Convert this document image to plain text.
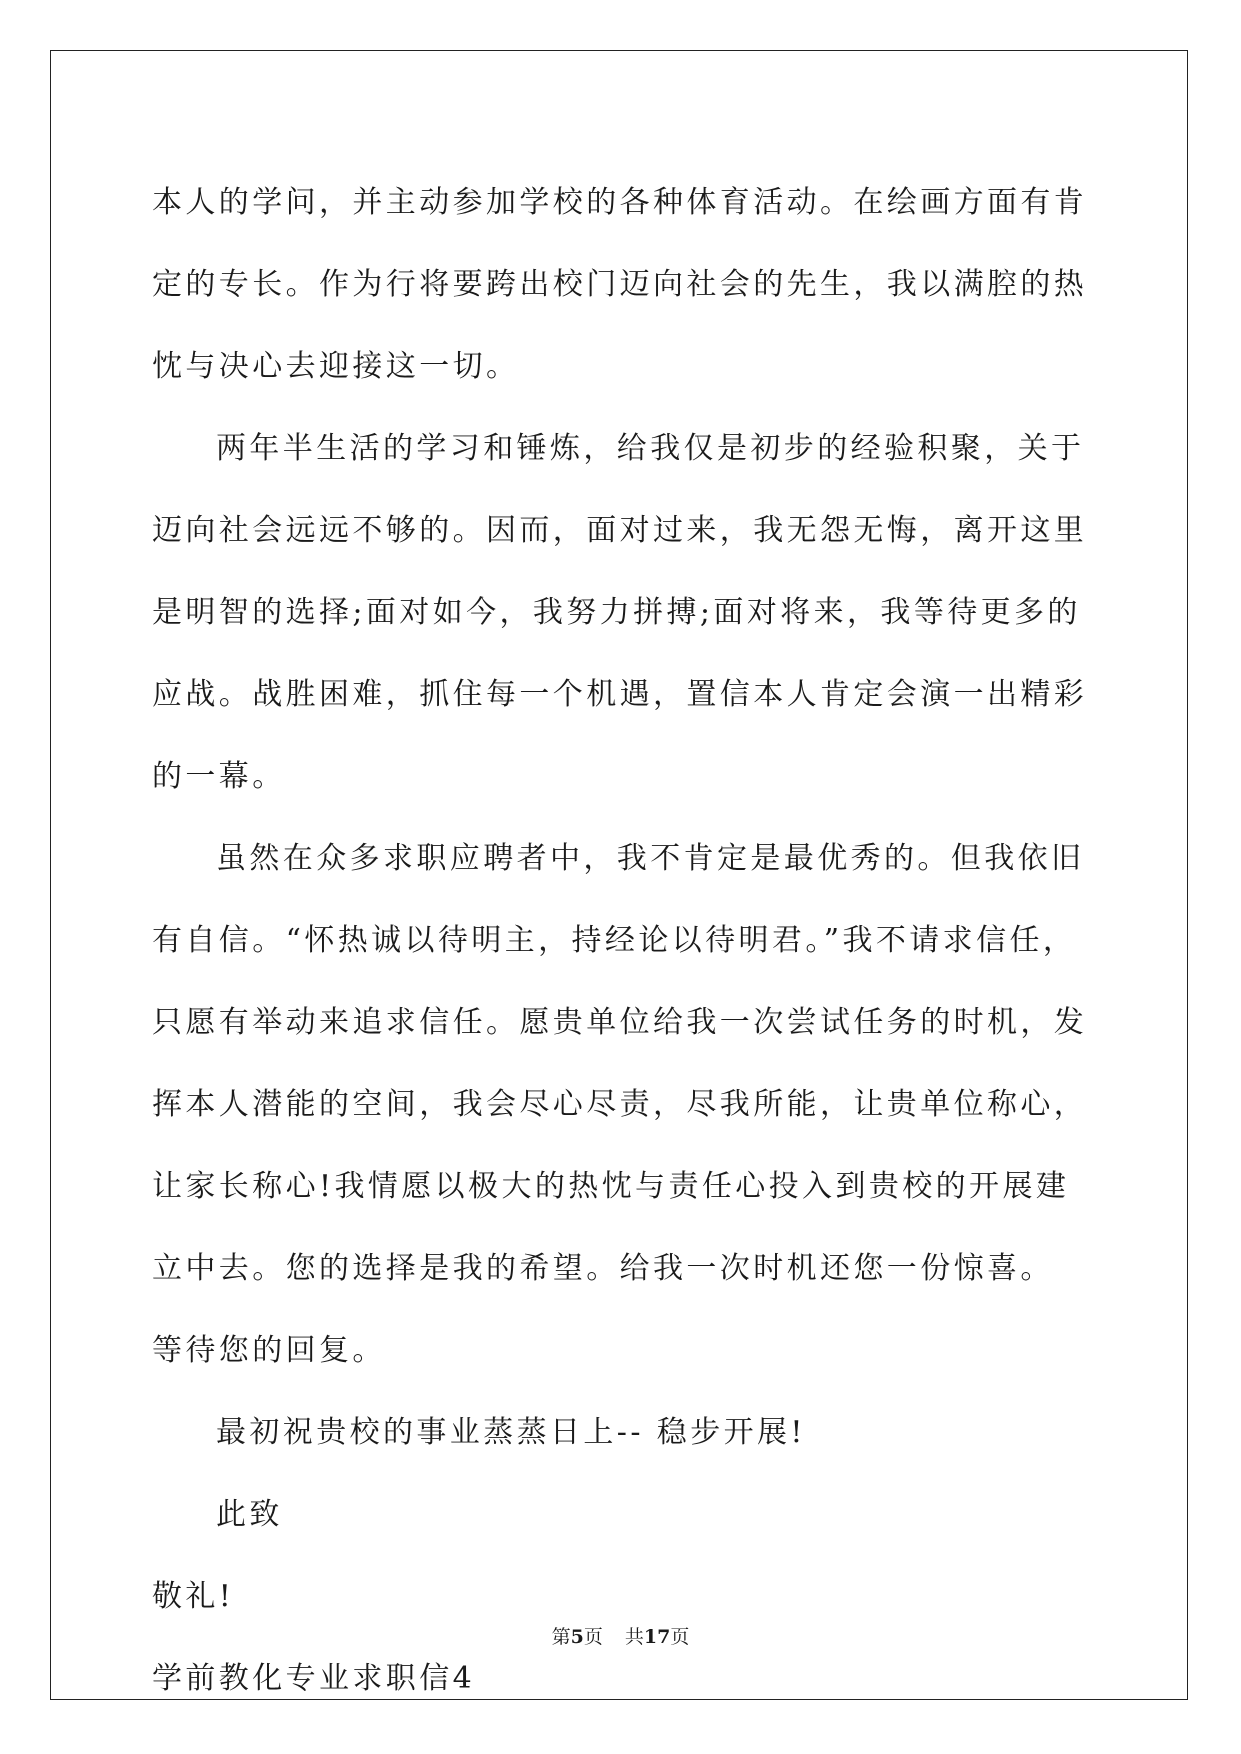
本人的学问，并主动参加学校的各种体育活动。在绘画方面有肯定的专长。作为行将要跨出校门迈向社会的先生，我以满腔的热忱与决心去迎接这一切。

两年半生活的学习和锤炼，给我仅是初步的经验积聚，关于迈向社会远远不够的。因而，面对过来，我无怨无悔，离开这里是明智的选择;面对如今，我努力拼搏;面对将来，我等待更多的应战。战胜困难，抓住每一个机遇，置信本人肯定会演一出精彩的一幕。

虽然在众多求职应聘者中，我不肯定是最优秀的。但我依旧有自信。“怀热诚以待明主，持经论以待明君。”我不请求信任，只愿有举动来追求信任。愿贵单位给我一次尝试任务的时机，发挥本人潜能的空间，我会尽心尽责，尽我所能，让贵单位称心，让家长称心!我情愿以极大的热忱与责任心投入到贵校的开展建立中去。您的选择是我的希望。给我一次时机还您一份惊喜。 等待您的回复。

最初祝贵校的事业蒸蒸日上-- 稳步开展!

此致

敬礼!

学前教化专业求职信4

第5页 共17页
